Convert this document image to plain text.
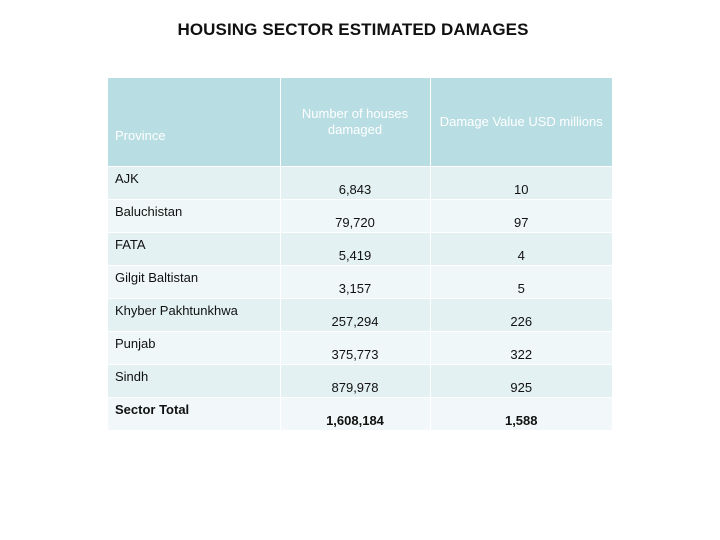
HOUSING SECTOR ESTIMATED DAMAGES
Province	Number of houses damaged	Damage Value USD millions
AJK	6,843	10
Baluchistan	79,720	97
FATA	5,419	4
Gilgit Baltistan	3,157	5
Khyber Pakhtunkhwa	257,294	226
Punjab	375,773	322
Sindh	879,978	925
Sector Total	1,608,184	1,588
